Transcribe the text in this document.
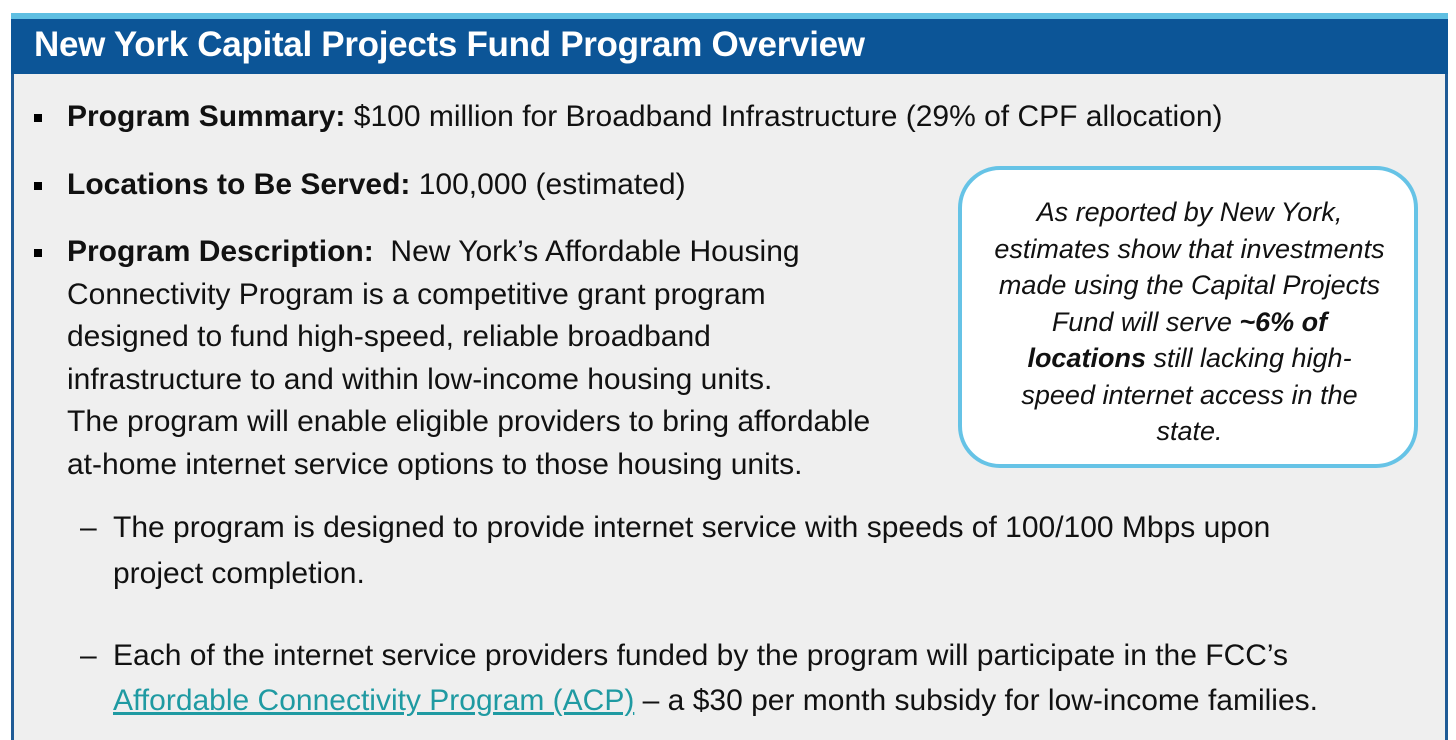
New York Capital Projects Fund Program Overview
Program Summary: $100 million for Broadband Infrastructure (29% of CPF allocation)
Locations to Be Served: 100,000 (estimated)
Program Description:  New York’s Affordable Housing
Connectivity Program is a competitive grant program
designed to fund high-speed, reliable broadband
infrastructure to and within low-income housing units.
The program will enable eligible providers to bring affordable
at-home internet service options to those housing units.
As reported by New York, estimates show that investments made using the Capital Projects Fund will serve ~6% of locations still lacking high-speed internet access in the state.
– The program is designed to provide internet service with speeds of 100/100 Mbps upon
project completion.
– Each of the internet service providers funded by the program will participate in the FCC’s
Affordable Connectivity Program (ACP) – a $30 per month subsidy for low-income families.
